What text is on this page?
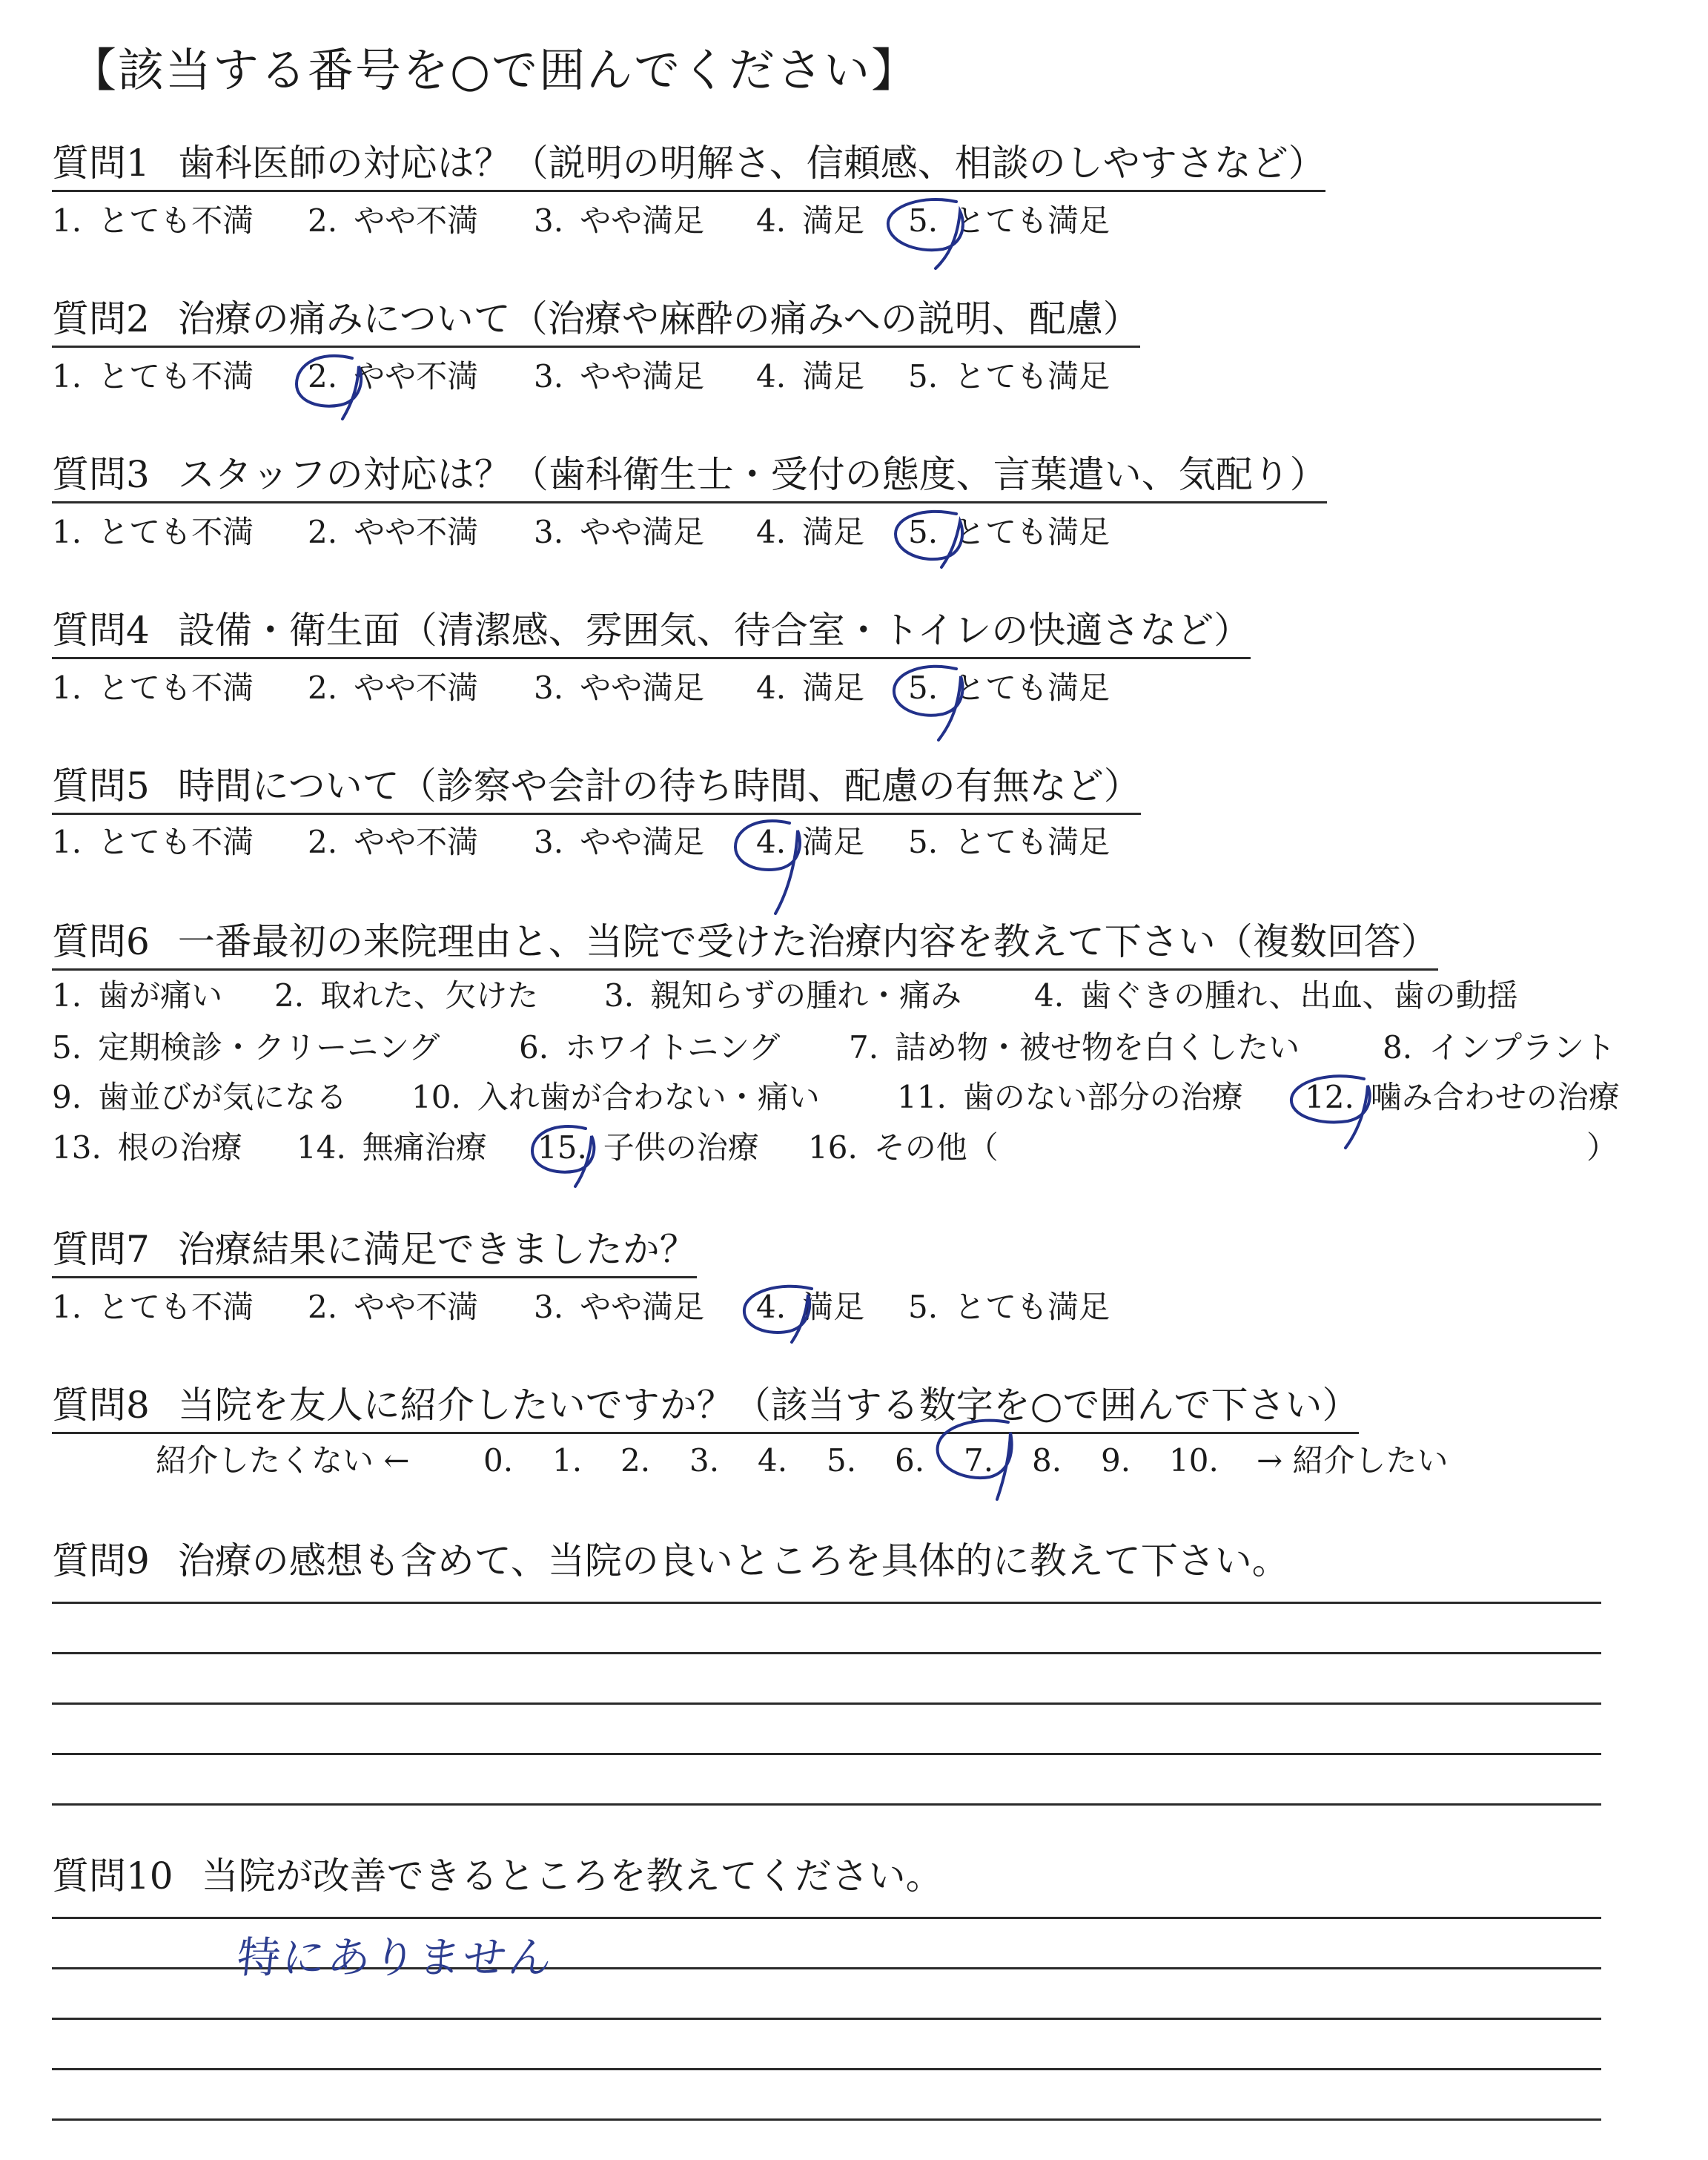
【該当する番号を○で囲んでください】
質問1 歯科医師の対応は？（説明の明解さ、信頼感、相談のしやすさなど）
1. とても不満 2. やや不満 3. やや満足 4. 満足 5. とても満足
質問2 治療の痛みについて（治療や麻酔の痛みへの説明、配慮）
1. とても不満 2. やや不満 3. やや満足 4. 満足 5. とても満足
質問3 スタッフの対応は？（歯科衛生士・受付の態度、言葉遣い、気配り）
1. とても不満 2. やや不満 3. やや満足 4. 満足 5. とても満足
質問4 設備・衛生面（清潔感、雰囲気、待合室・トイレの快適さなど）
1. とても不満 2. やや不満 3. やや満足 4. 満足 5. とても満足
質問5 時間について（診察や会計の待ち時間、配慮の有無など）
1. とても不満 2. やや不満 3. やや満足 4. 満足 5. とても満足
質問6 一番最初の来院理由と、当院で受けた治療内容を教えて下さい（複数回答）
1. 歯が痛い 2. 取れた、欠けた 3. 親知らずの腫れ・痛み 4. 歯ぐきの腫れ、出血、歯の動揺
5. 定期検診・クリーニング	6. ホワイトニング 7. 詰め物・被せ物を白くしたい	8. インプラント
9. 歯並びが気になる 10. 入れ歯が合わない・痛い 11. 歯のない部分の治療 12. 噛み合わせの治療
13. 根の治療 14. 無痛治療 15. 子供の治療 16. その他（	）
質問7 治療結果に満足できましたか？
1. とても不満 2. やや不満 3. やや満足 4. 満足 5. とても満足
質問8 当院を友人に紹介したいですか？（該当する数字を○で囲んで下さい）
紹介したくない ← 0. 1. 2. 3. 4. 5. 6. 7. 8. 9. 10. → 紹介したい
質問9 治療の感想も含めて、当院の良いところを具体的に教えて下さい。
質問10 当院が改善できるところを教えてください。
特にありません
